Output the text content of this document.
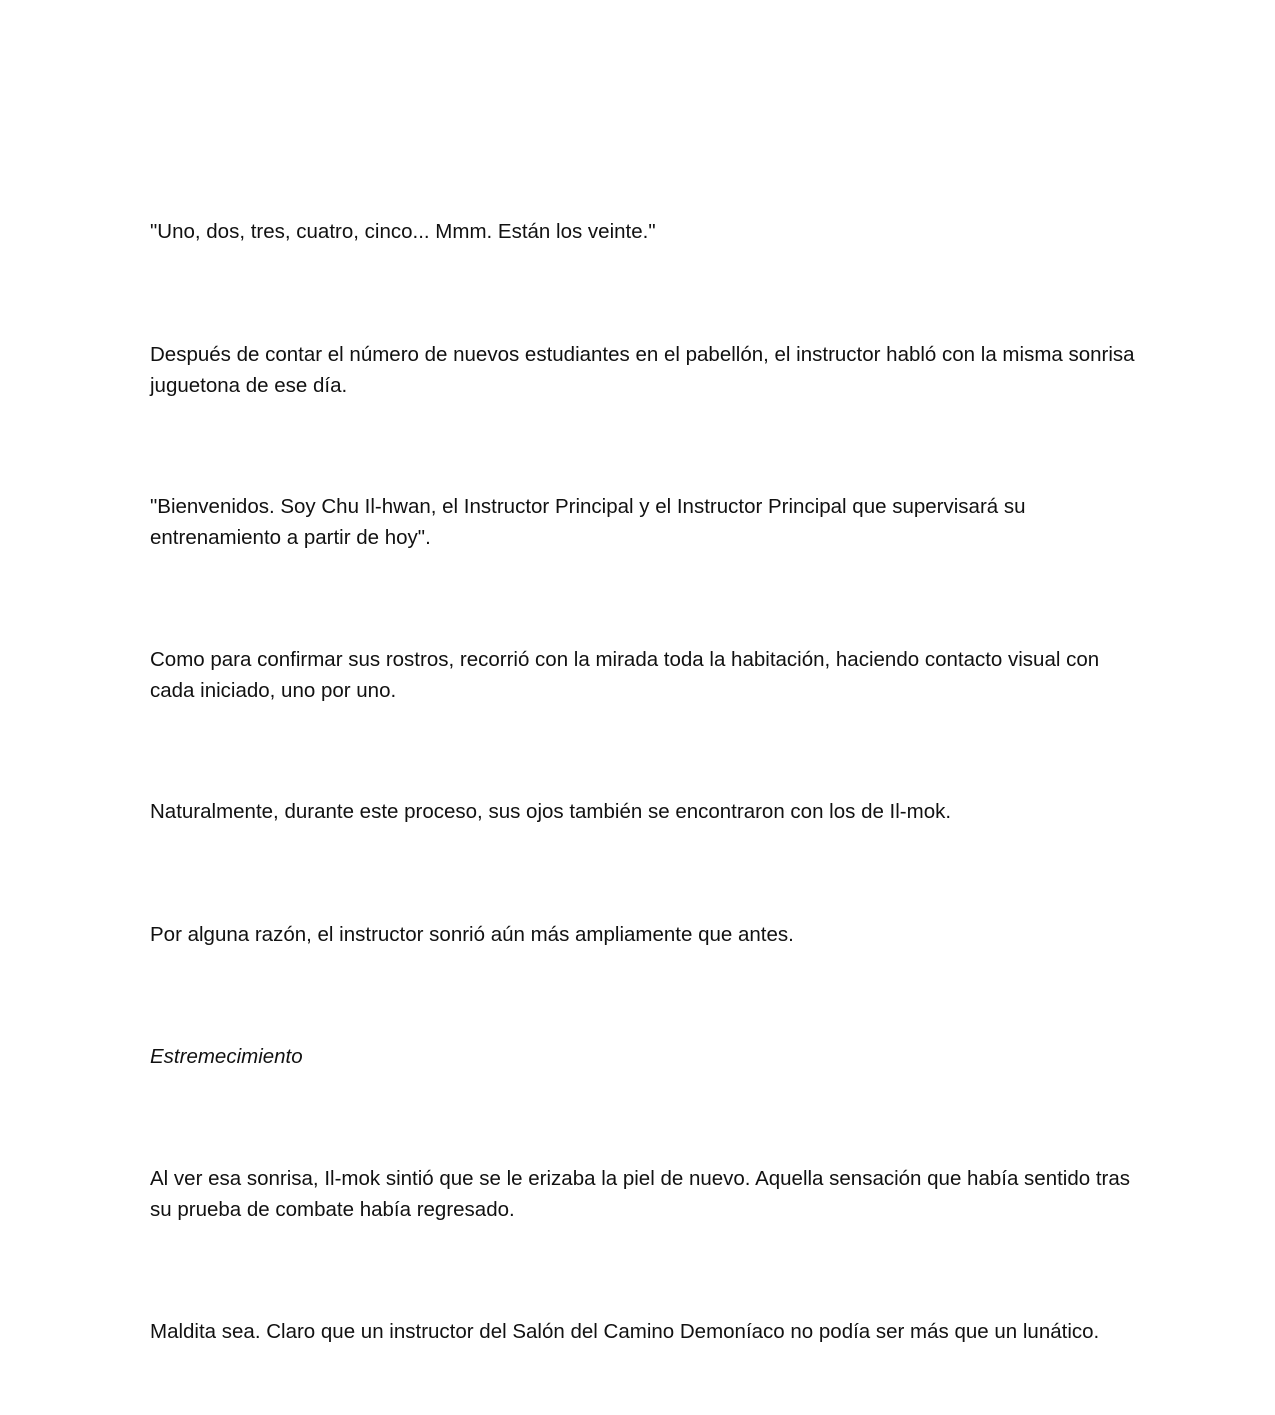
"Uno, dos, tres, cuatro, cinco... Mmm. Están los veinte."

Después de contar el número de nuevos estudiantes en el pabellón, el instructor habló con la misma sonrisa juguetona de ese día.

"Bienvenidos. Soy Chu Il-hwan, el Instructor Principal y el Instructor Principal que supervisará su entrenamiento a partir de hoy".

Como para confirmar sus rostros, recorrió con la mirada toda la habitación, haciendo contacto visual con cada iniciado, uno por uno.

Naturalmente, durante este proceso, sus ojos también se encontraron con los de Il-mok.

Por alguna razón, el instructor sonrió aún más ampliamente que antes.

Estremecimiento

Al ver esa sonrisa, Il-mok sintió que se le erizaba la piel de nuevo. Aquella sensación que había sentido tras su prueba de combate había regresado.

Maldita sea. Claro que un instructor del Salón del Camino Demoníaco no podía ser más que un lunático.
